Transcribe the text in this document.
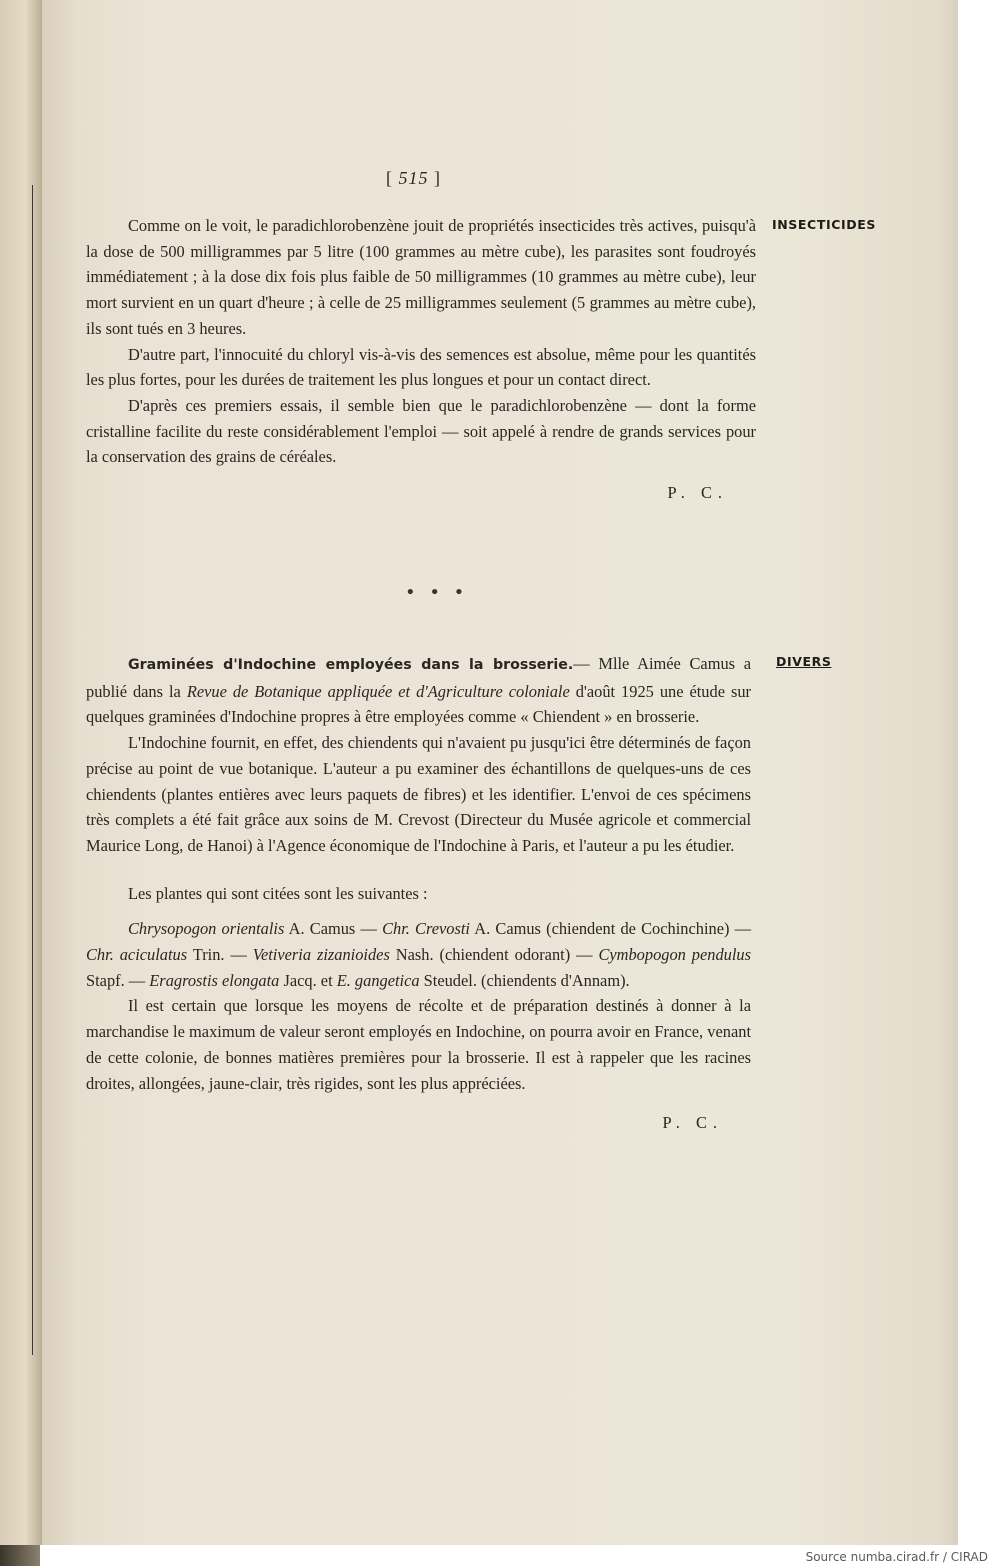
[ 515 ]
INSECTICIDES
DIVERS

Comme on le voit, le paradichlorobenzène jouit de propriétés insecticides très actives, puisqu'à la dose de 500 milligrammes par 5 litre (100 grammes au mètre cube), les parasites sont foudroyés immédiatement ; à la dose dix fois plus faible de 50 milligrammes (10 grammes au mètre cube), leur mort survient en un quart d'heure ; à celle de 25 milligrammes seulement (5 grammes au mètre cube), ils sont tués en 3 heures.

D'autre part, l'innocuité du chloryl vis-à-vis des semences est absolue, même pour les quantités les plus fortes, pour les durées de traitement les plus longues et pour un contact direct.

D'après ces premiers essais, il semble bien que le paradichlorobenzène — dont la forme cristalline facilite du reste considérablement l'emploi — soit appelé à rendre de grands services pour la conservation des grains de céréales.

P. C.

• • •

Graminées d'Indochine employées dans la brosserie.— Mlle Aimée Camus a publié dans la Revue de Botanique appliquée et d'Agriculture coloniale d'août 1925 une étude sur quelques graminées d'Indochine propres à être employées comme « Chiendent » en brosserie.

L'Indochine fournit, en effet, des chiendents qui n'avaient pu jusqu'ici être déterminés de façon précise au point de vue botanique. L'auteur a pu examiner des échantillons de quelques-uns de ces chiendents (plantes entières avec leurs paquets de fibres) et les identifier. L'envoi de ces spécimens très complets a été fait grâce aux soins de M. Crevost (Directeur du Musée agricole et commercial Maurice Long, de Hanoi) à l'Agence économique de l'Indochine à Paris, et l'auteur a pu les étudier.

Les plantes qui sont citées sont les suivantes :

Chrysopogon orientalis A. Camus — Chr. Crevosti A. Camus (chiendent de Cochinchine) — Chr. aciculatus Trin. — Vetiveria zizanioides Nash. (chiendent odorant) — Cymbopogon pendulus Stapf. — Eragrostis elongata Jacq. et E. gangetica Steudel. (chiendents d'Annam).

Il est certain que lorsque les moyens de récolte et de préparation destinés à donner à la marchandise le maximum de valeur seront employés en Indochine, on pourra avoir en France, venant de cette colonie, de bonnes matières premières pour la brosserie. Il est à rappeler que les racines droites, allongées, jaune-clair, très rigides, sont les plus appréciées.

P. C.

Source numba.cirad.fr / CIRAD
